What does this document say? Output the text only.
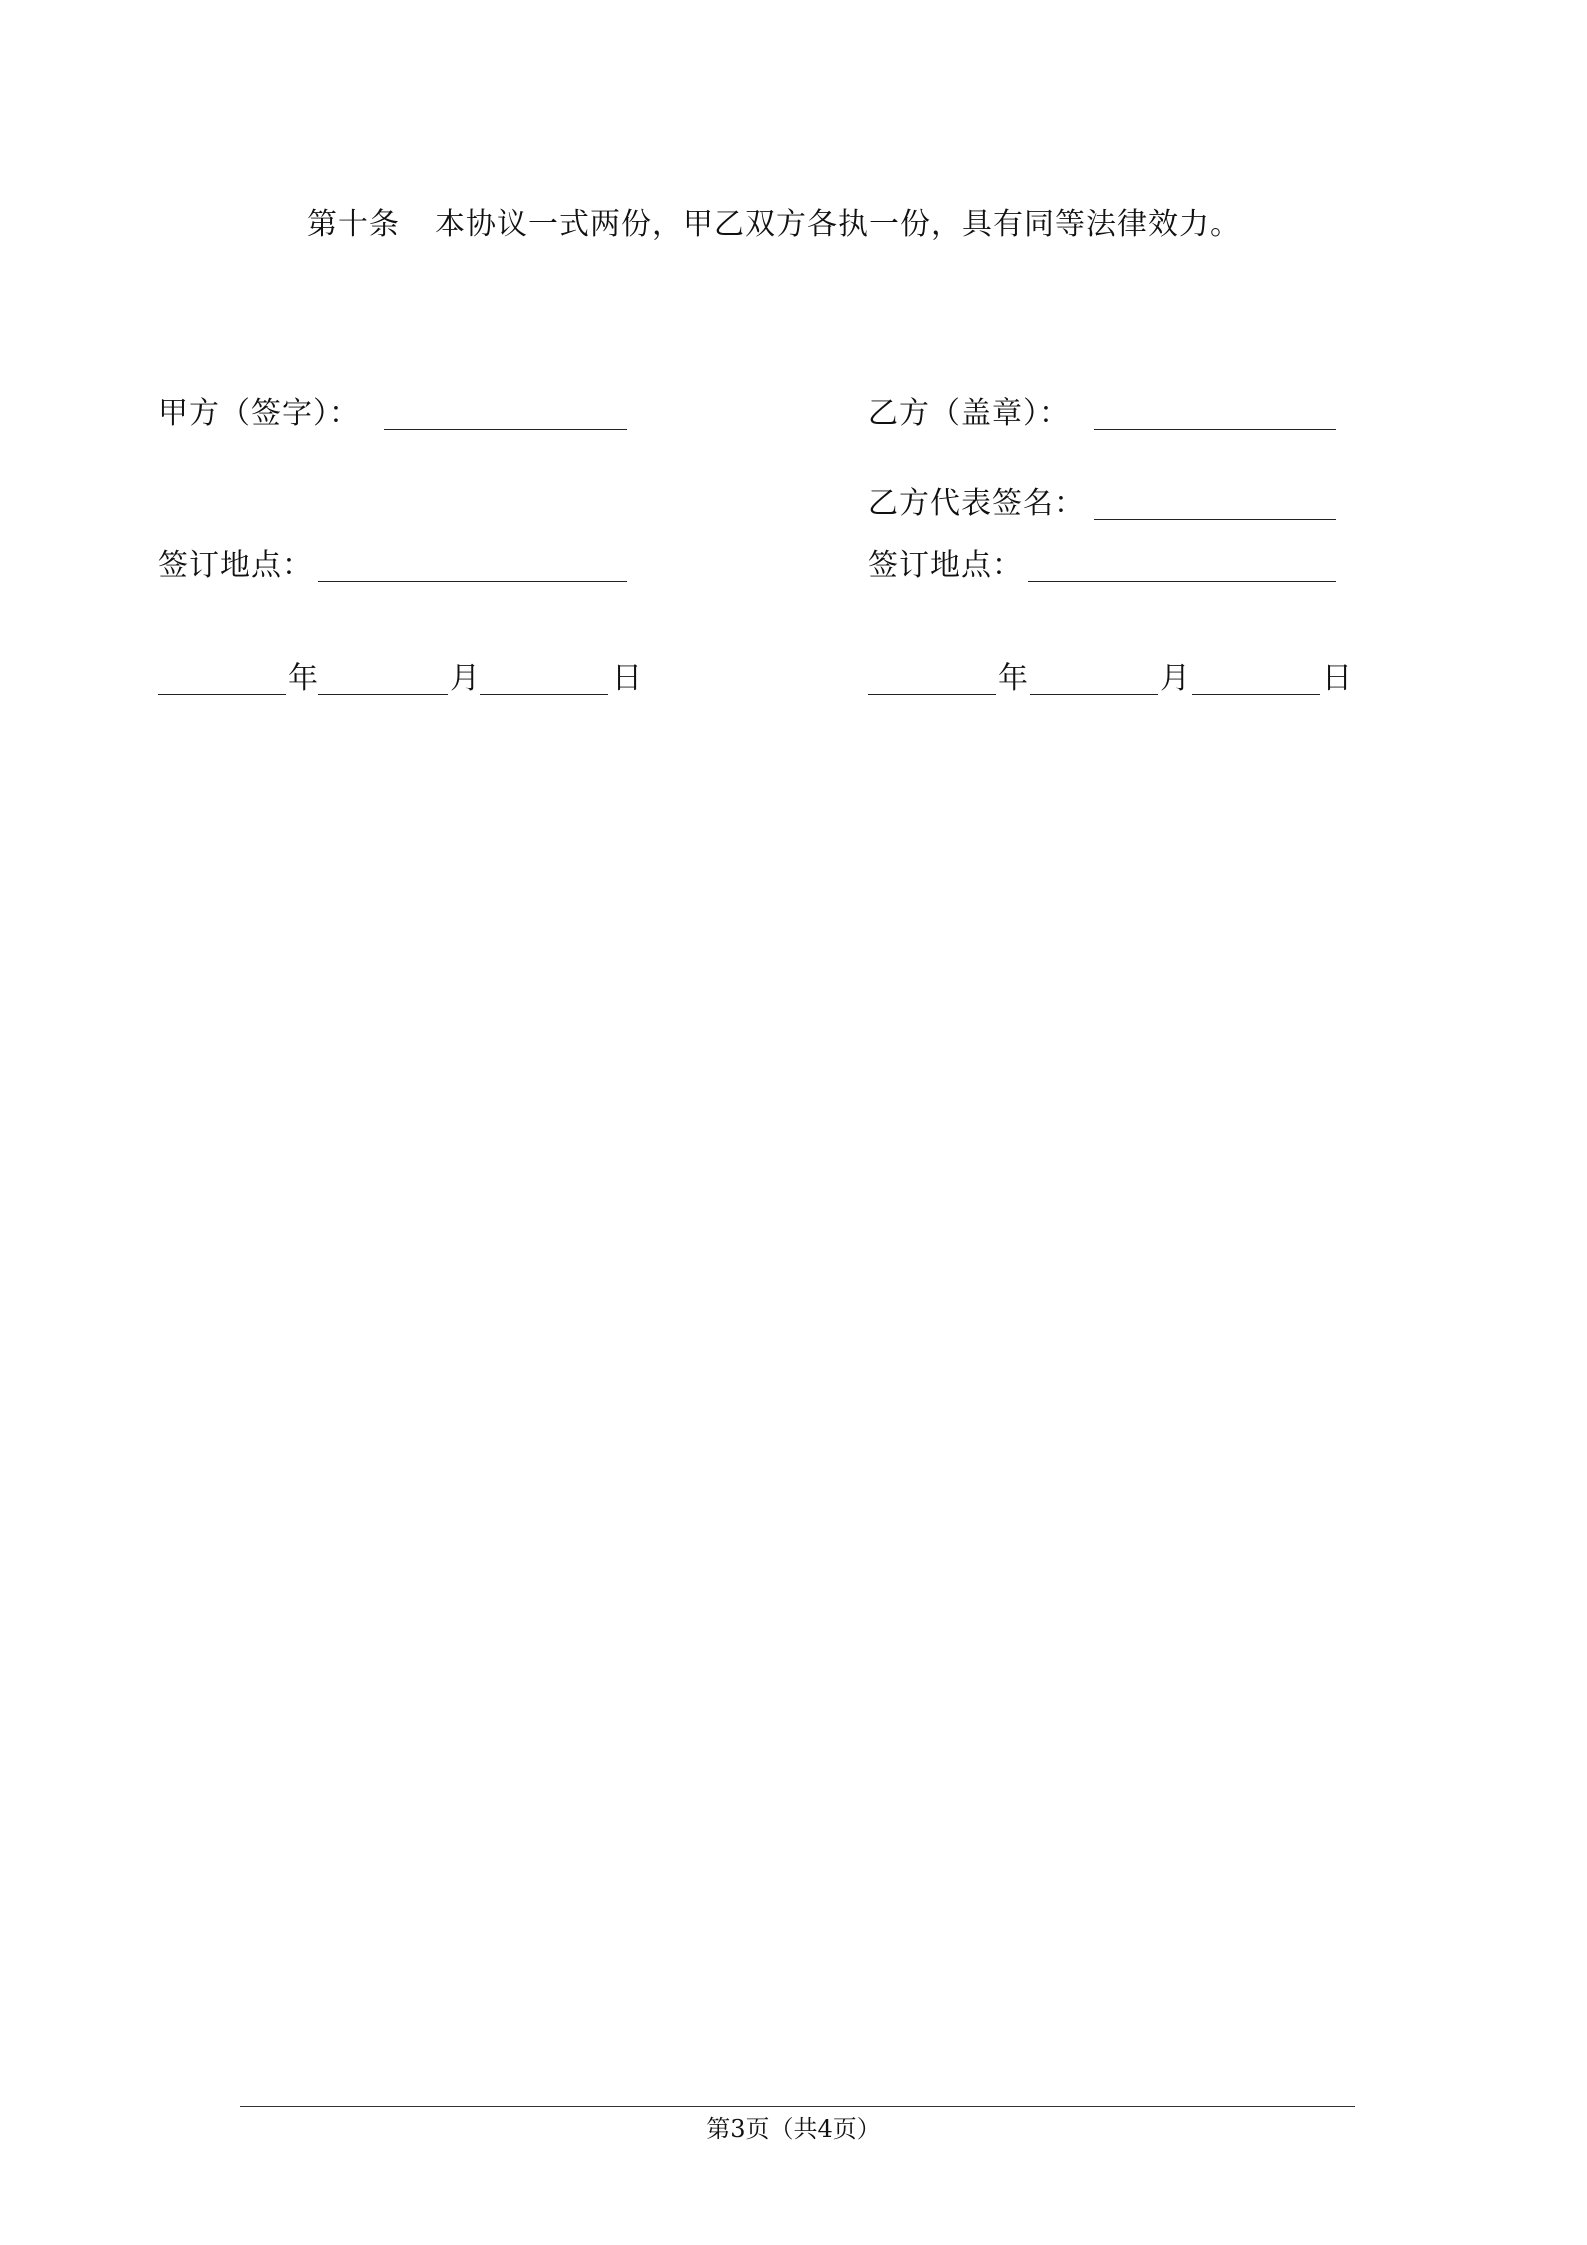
第十条 本协议一式两份，甲乙双方各执一份，具有同等法律效力。
甲方（签字）：
签订地点：
年	月	日
乙方（盖章）：
乙方代表签名：
签订地点：
年	月	日
第3页（共4页）
